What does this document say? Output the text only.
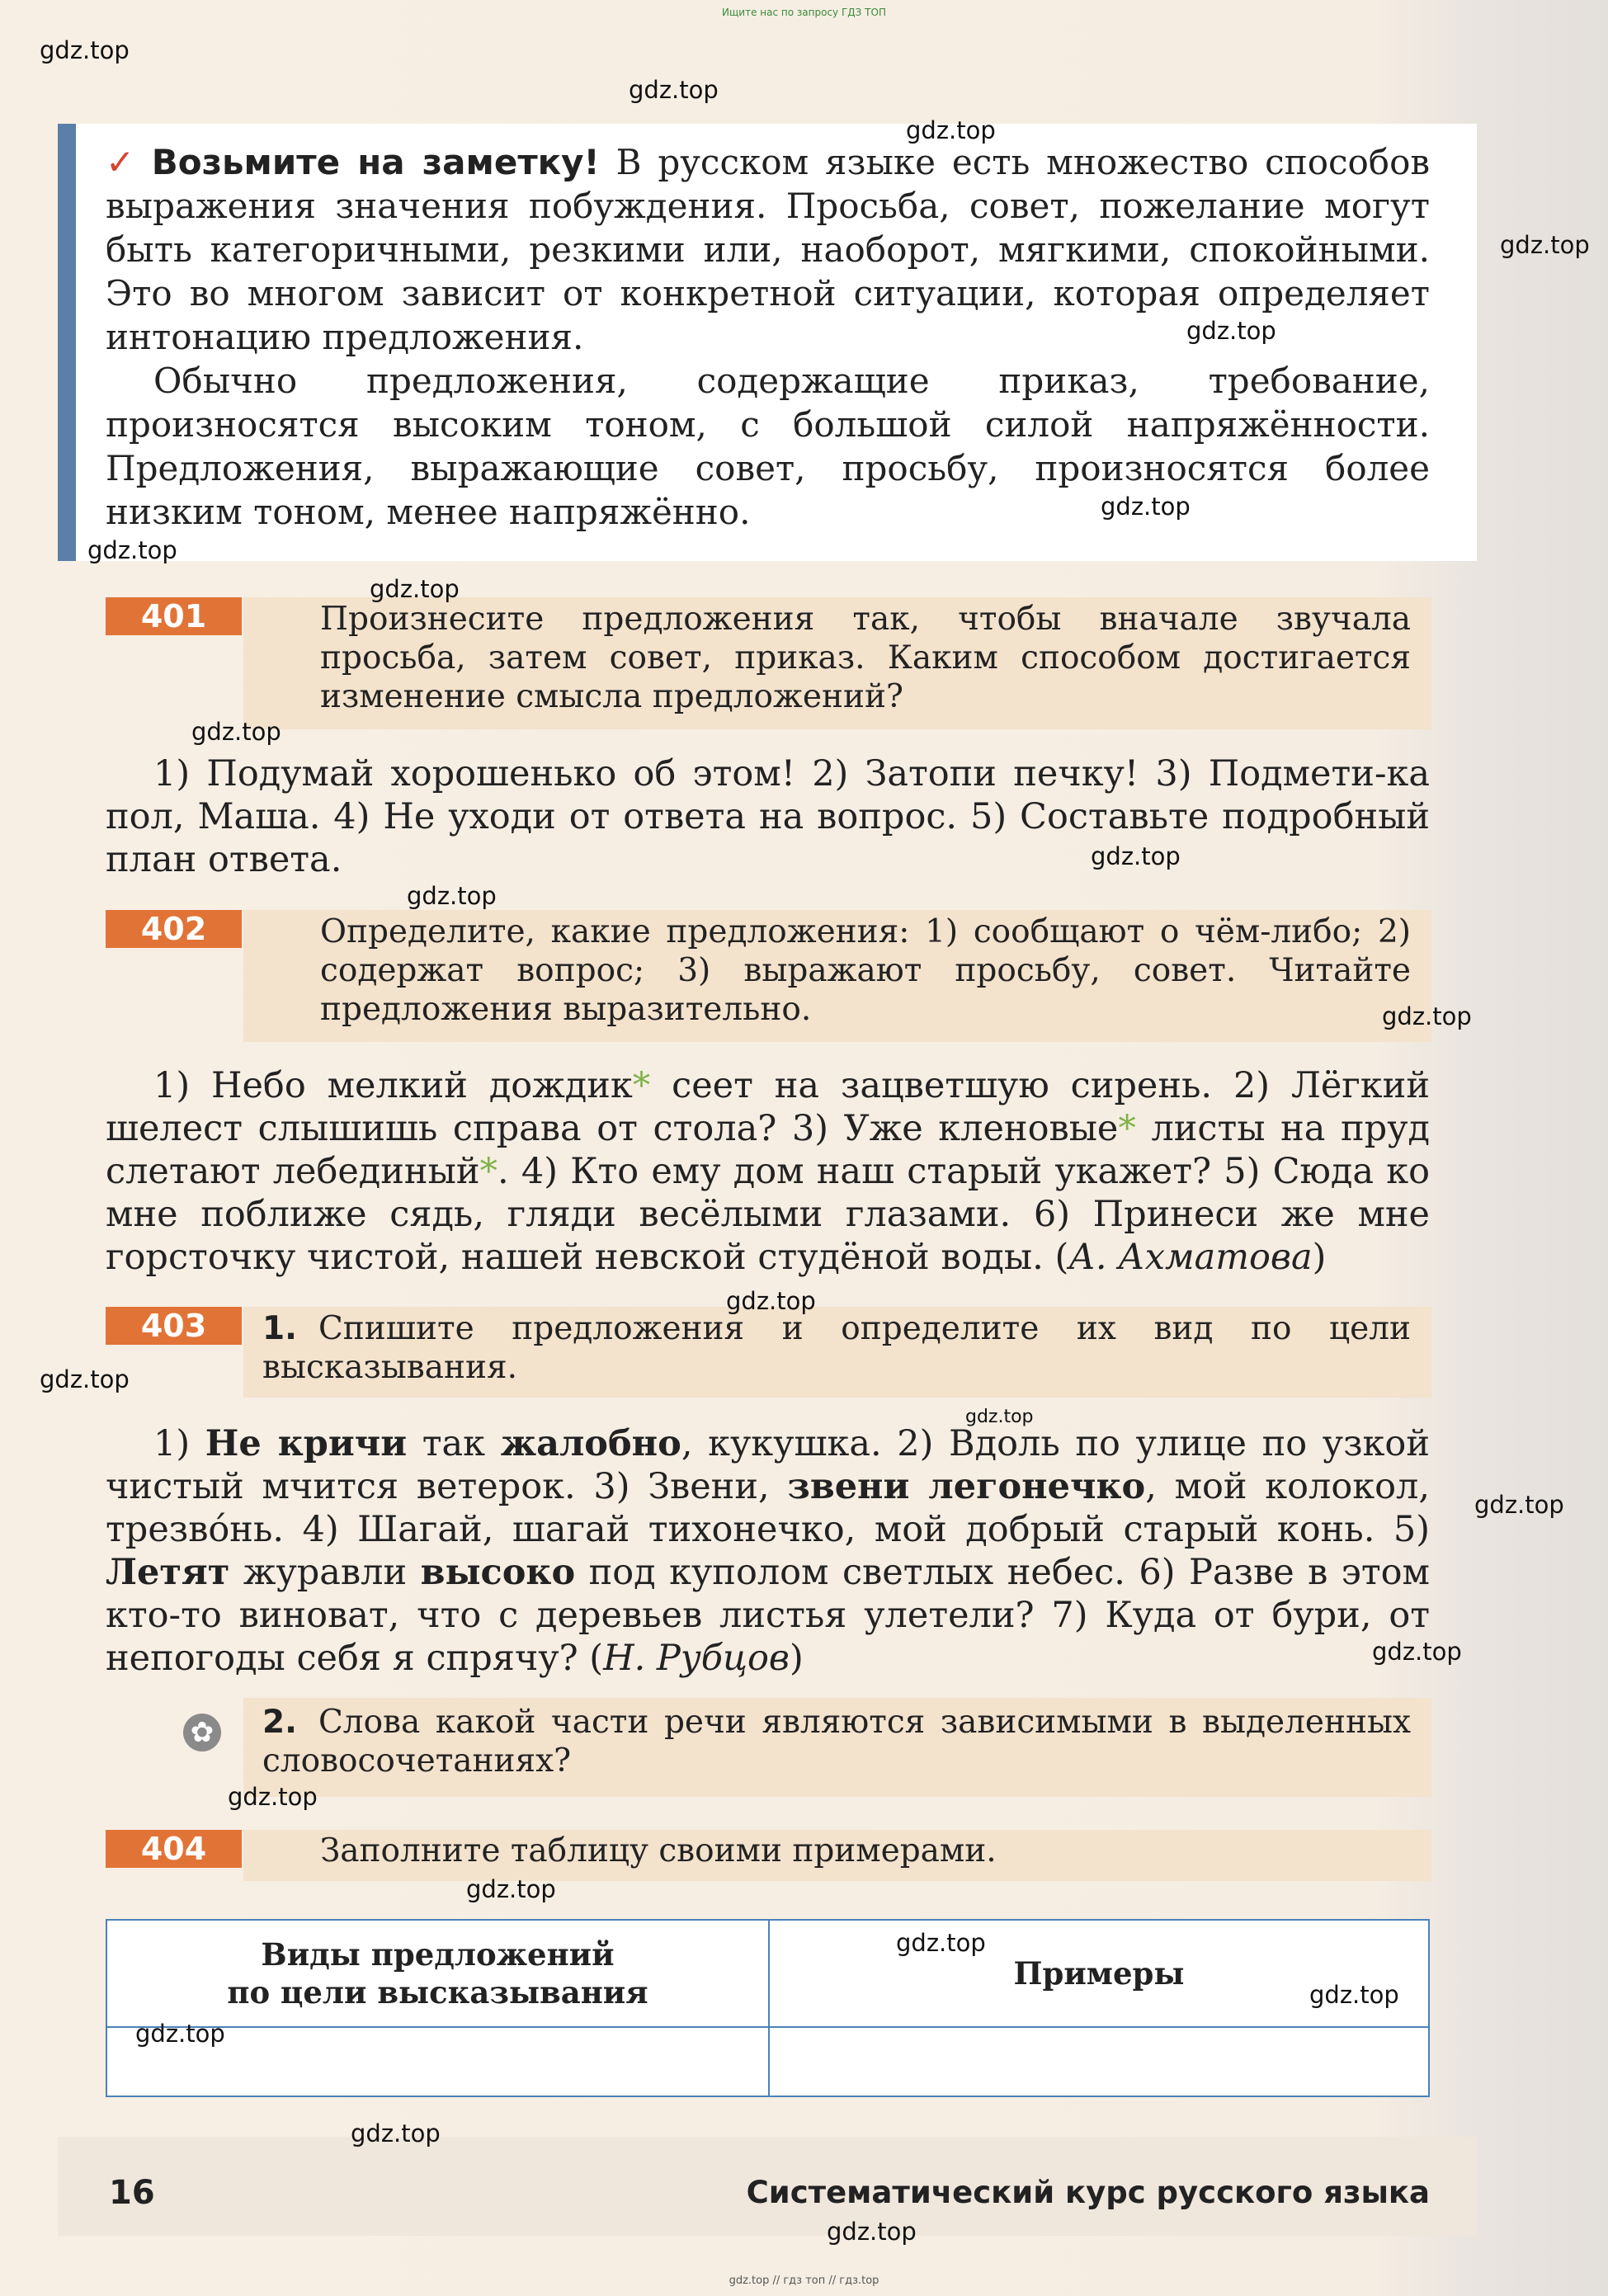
Ищите нас по запросу ГДЗ ТОП

✓ Возьмите на заметку! В русском языке есть множество способов выражения значения побуждения. Просьба, совет, пожелание могут быть категоричными, резкими или, наоборот, мягкими, спокойными. Это во многом зависит от конкретной ситуации, которая определяет интонацию предложения.

Обычно предложения, содержащие приказ, требование, произносятся высоким тоном, с большой силой напряжённости. Предложения, выражающие совет, просьбу, произносятся более низким тоном, менее напряжённо.

401	Произнесите предложения так, чтобы вначале звучала просьба, затем совет, приказ. Каким способом достигается изменение смысла предложений?

1) Подумай хорошенько об этом! 2) Затопи печку! 3) Подмети-ка пол, Маша. 4) Не уходи от ответа на вопрос. 5) Составьте подробный план ответа.

402	Определите, какие предложения: 1) сообщают о чём-либо; 2) содержат вопрос; 3) выражают просьбу, совет. Читайте предложения выразительно.

1) Небо мелкий дождик* сеет на зацветшую сирень. 2) Лёгкий шелест слышишь справа от стола? 3) Уже кленовые* листы на пруд слетают лебединый*. 4) Кто ему дом наш старый укажет? 5) Сюда ко мне поближе сядь, гляди весёлыми глазами. 6) Принеси же мне горсточку чистой, нашей невской студёной воды. (А. Ахматова)

403	1. Спишите предложения и определите их вид по цели высказывания.

1) Не кричи так жалобно, кукушка. 2) Вдоль по улице по узкой чистый мчится ветерок. 3) Звени, звени легонечко, мой колокол, трезвóнь. 4) Шагай, шагай тихонечко, мой добрый старый конь. 5) Летят журавли высоко под куполом светлых небес. 6) Разве в этом кто-то виноват, что с деревьев листья улетели? 7) Куда от бури, от непогоды себя я спрячу? (Н. Рубцов)

✿ 2. Слова какой части речи являются зависимыми в выделенных словосочетаниях?

404	Заполните таблицу своими примерами.
Виды предложений
по цели высказывания	Примеры

16	Систематический курс русского языка
gdz.top
gdz.top
gdz.top
gdz.top
gdz.top
gdz.top
gdz.top
gdz.top
gdz.top
gdz.top
gdz.top
gdz.top
gdz.top
gdz.top
gdz.top
gdz.top
gdz.top
gdz.top
gdz.top
gdz.top
gdz.top
gdz.top
gdz.top
gdz.top
gdz.top // гдз топ // гдз.top
